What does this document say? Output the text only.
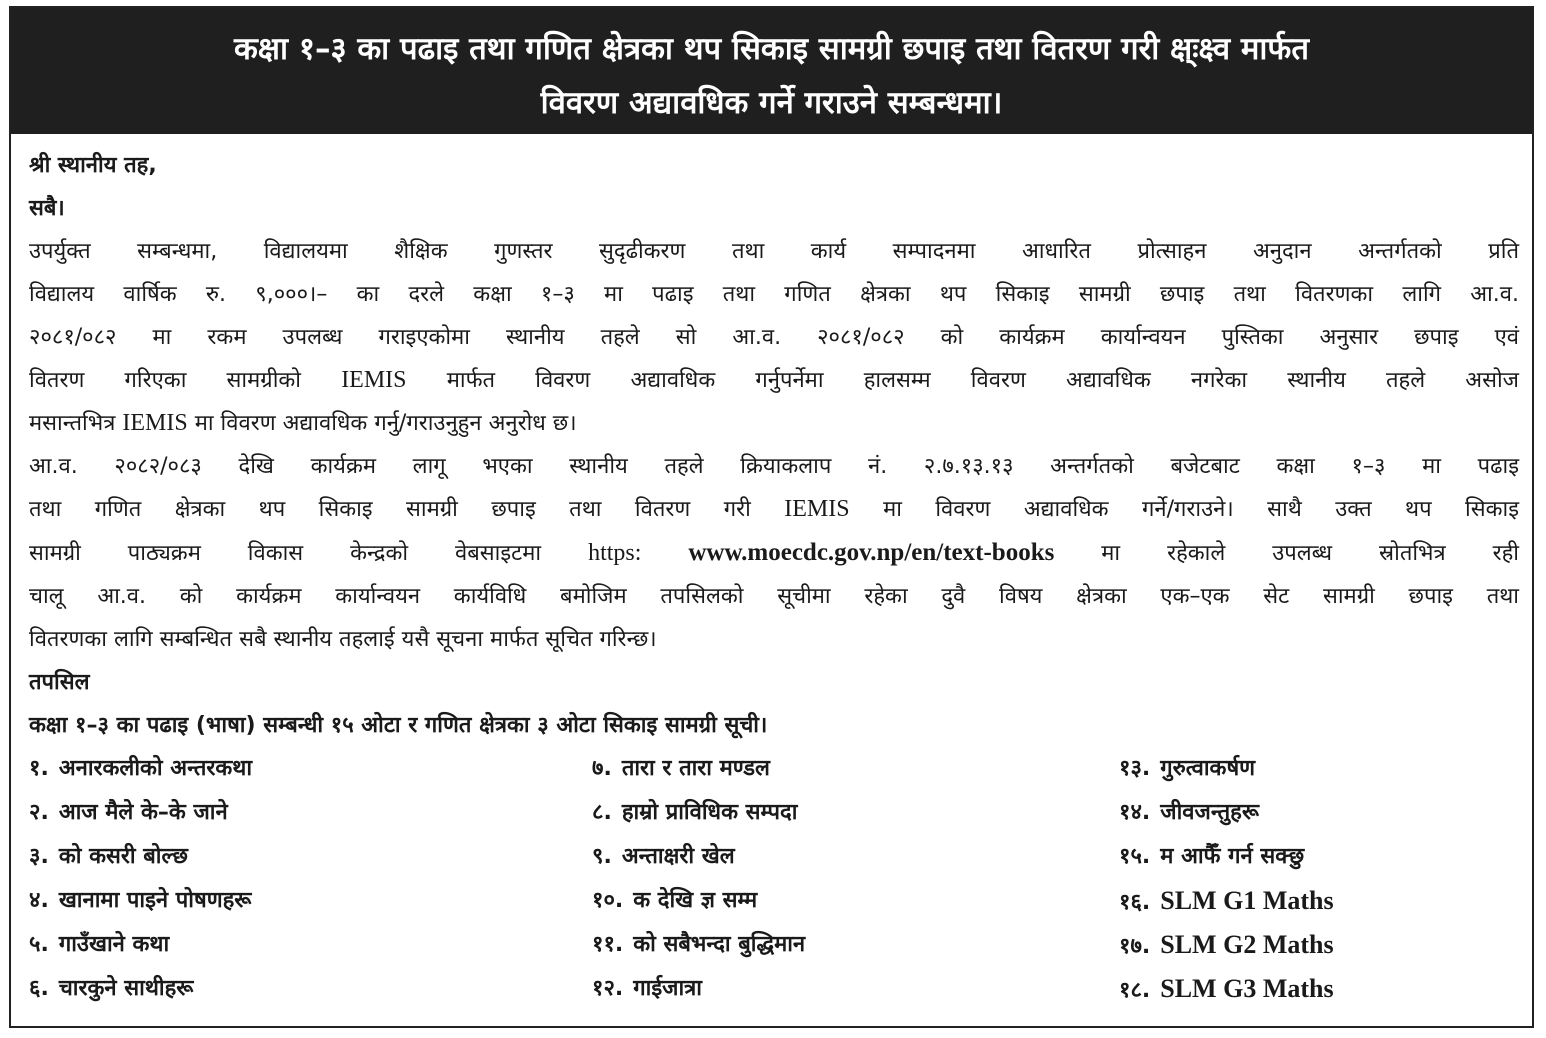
कक्षा १–३ का पढाइ तथा गणित क्षेत्रका थप सिकाइ सामग्री छपाइ तथा वितरण गरी क्ष्ःक्ष्व मार्फत
विवरण अद्यावधिक गर्ने गराउने सम्बन्धमा।
श्री स्थानीय तह,
सबै।
उपर्युक्त सम्बन्धमा, विद्यालयमा शैक्षिक गुणस्तर सुदृढीकरण तथा कार्य सम्पादनमा आधारित प्रोत्साहन अनुदान अन्तर्गतको प्रति
विद्यालय वार्षिक रु. ९,०००।– का दरले कक्षा १–३ मा पढाइ तथा गणित क्षेत्रका थप सिकाइ सामग्री छपाइ तथा वितरणका लागि आ.व.
२०८१/०८२ मा रकम उपलब्ध गराइएकोमा स्थानीय तहले सो आ.व. २०८१/०८२ को कार्यक्रम कार्यान्वयन पुस्तिका अनुसार छपाइ एवं
वितरण गरिएका सामग्रीको IEMIS मार्फत विवरण अद्यावधिक गर्नुपर्नेमा हालसम्म विवरण अद्यावधिक नगरेका स्थानीय तहले असोज
मसान्तभित्र IEMIS मा विवरण अद्यावधिक गर्नु/गराउनुहुन अनुरोध छ।
आ.व. २०८२/०८३ देखि कार्यक्रम लागू भएका स्थानीय तहले क्रियाकलाप नं. २.७.१३.१३ अन्तर्गतको बजेटबाट कक्षा १–३ मा पढाइ
तथा गणित क्षेत्रका थप सिकाइ सामग्री छपाइ तथा वितरण गरी IEMIS मा विवरण अद्यावधिक गर्ने/गराउने। साथै उक्त थप सिकाइ
सामग्री पाठ्यक्रम विकास केन्द्रको वेबसाइटमा https: www.moecdc.gov.np/en/text-books मा रहेकाले उपलब्ध स्रोतभित्र रही
चालू आ.व. को कार्यक्रम कार्यान्वयन कार्यविधि बमोजिम तपसिलको सूचीमा रहेका दुवै विषय क्षेत्रका एक–एक सेट सामग्री छपाइ तथा
वितरणका लागि सम्बन्धित सबै स्थानीय तहलाई यसै सूचना मार्फत सूचित गरिन्छ।
तपसिल
कक्षा १–३ का पढाइ (भाषा) सम्बन्धी १५ ओटा र गणित क्षेत्रका ३ ओटा सिकाइ सामग्री सूची।
१. अनारकलीको अन्तरकथा
२. आज मैले के–के जाने
३. को कसरी बोल्छ
४. खानामा पाइने पोषणहरू
५. गाउँखाने कथा
६. चारकुने साथीहरू
७. तारा र तारा मण्डल
८. हाम्रो प्राविधिक सम्पदा
९. अन्ताक्षरी खेल
१०. क देखि ज्ञ सम्म
११. को सबैभन्दा बुद्धिमान
१२. गाईजात्रा
१३. गुरुत्वाकर्षण
१४. जीवजन्तुहरू
१५. म आफैँ गर्न सक्छु
१६. SLM G1 Maths
१७. SLM G2 Maths
१८. SLM G3 Maths
